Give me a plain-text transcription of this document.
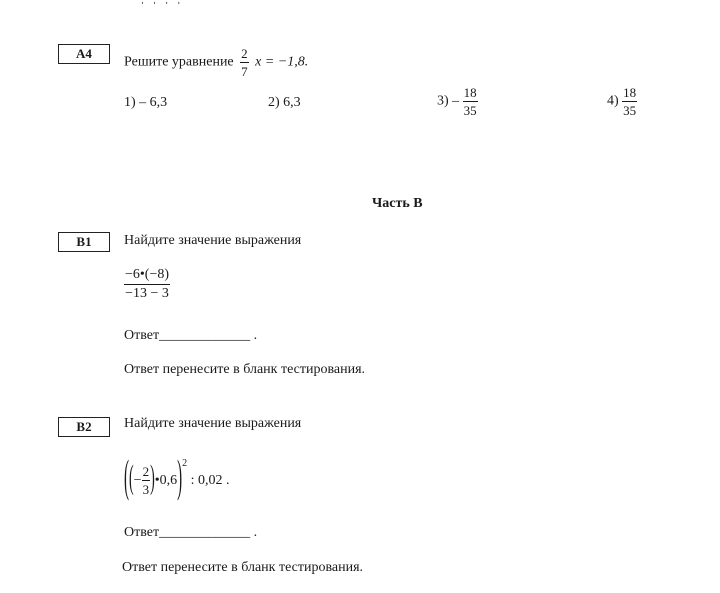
А4
Решите уравнение $\frac{2}{7}$ x = −1,8.
1) – 6,3	2) 6,3	$3) - \frac{18}{35}$	$4) \frac{18}{35}$
Часть В
В1	Найдите значение выражения
$\frac{-6•(-8)}{-13 - 3}$
Ответ_____________ .
Ответ перенесите в бланк тестирования.
В2	Найдите значение выражения
((− $\frac{2}{3}$ )•0,6)$^2$ : 0,02 .
Ответ_____________ .
Ответ перенесите в бланк тестирования.
